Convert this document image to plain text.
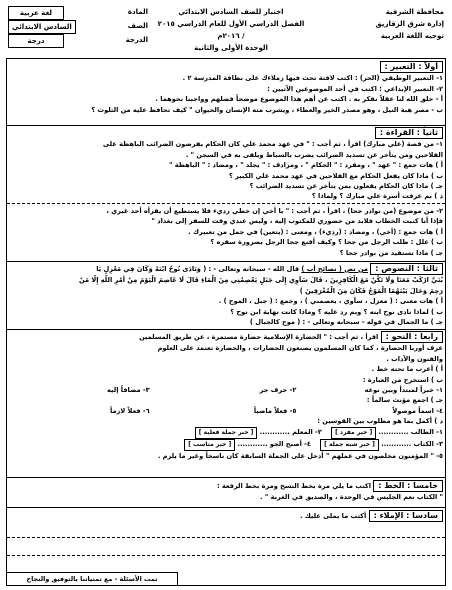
محافظة الشرقية
إدارة شرق الزقازيق
توجيه اللغة العربية
اختبار للصف السادس الابتدائي
الفصل الدراسي الأول للعام الدراسي ٢٠١٥ / ٢٠١٦م
الوحدة الأولى والثانية
المادة
لغة عربية
الصف
السادس الابتدائي
الدرجة
درجة
أولاً : التعبير :
١- التعبير الوظيفي (الحر) : اكتب لافتة تحث فيها زملاءك على نظافة المدرسة ٢ .
٢- التعبير الإبداعي : اكتب في أحد الموضوعين الآتيين :
أ - خلق الله لنا عقلاً نفكر به . اكتب عن أهم هذا الموضوع موضحاً فضلهم وواجبنا نحوهما .
ب - مصر هبة النيل ، وهو مصدر الخير والعطاء ، ويشرب منه الإنسان والحيوان " كيف تحافظ عليه من التلوث ؟
ثانياً : القراءة :
١- من قصة (علي مبارك) اقرأ ، ثم أجب : " في عهد محمد علي كان الحكام يفرضون الضرائب الباهظة على
الفلاحين ومن يتأخر عن تسديد الضرائب يضرب بالسياط ويلقى به في السجن " .
أ ) هات جمع : " عهد " ، ومفرد : " الحكام " ، ومرادف : " يجلد " ، ومضاد : " الباهظة "
ب ) ماذا كان يفعل الحكام مع الفلاحين في عهد محمد علي الكبير ؟
جـ ) ماذا كان الحكام يفعلون بمن يتأخر عن تسديد الضرائب ؟
د ) بم عرفت أسرة علي مبارك ؟ ولماذا ؟
٢- من موضوع (من نوادر جحا) ، اقرأ ، ثم أجب : " يا أخي إن خطي رديء فلا يستطيع أن يقرأه أحد غيري ،
فإذا أنا كتبت الخطاب فلابد من حضوري للمكتوب إليه ، وليس عندي وقت للسفر إلى بغداد "
أ ) هات جمع : (أخي) ، ومضاد : (رديء) ، ومعنى : (يتعين) في جمل من تعبيرك .
ب ) علل : طلب الرجل من جحا ؟ وكيف أقنع جحا الرجل بضرورة سفره ؟
جـ ) ماذا تستفيد من نوادر جحا ؟
ثالثاً : النصوص : من نص ( نصائح أب ) قال الله - سبحانه وتعالى - : ( وَنَادَى نُوحٌ ابْنَهُ وَكَانَ فِي مَعْزِلٍ يَا
بُنَيَّ ارْكَبْ مَعَنَا وَلَا تَكُنْ مَعَ الْكَافِرِينَ ، قَالَ سَآوِي إِلَى جَبَلٍ يَعْصِمُنِي مِنَ الْمَاءِ قَالَ لَا عَاصِمَ الْيَوْمَ مِنْ أَمْرِ اللَّهِ إِلَّا مَنْ
رَحِمَ وَحَالَ بَيْنَهُمَا الْمَوْجُ فَكَانَ مِنَ الْمُغْرَقِينَ )
أ ) هات معنى : ( معزل ، سآوي ، يعصمني ) ، وجمع : ( جبل ، الموج ) .
ب ) لماذا نادى نوح ابنه ؟ وبم رد عليه ؟ وماذا كانت نهاية ابن نوح ؟
جـ ) ما الجمال في قوله - سبحانه وتعالى - : ( موج كالجبال )
رابعاً : النحو : اقرأ ، ثم أجب : " الحضارة الإسلامية حضارة مستمرة ، عن طريق المسلمين
عرف أوربا الحضارة ، كما كان المسلمون يصنعون الحضارات ، والحضارة تعتمد على العلوم
والفنون والآداب .
أ ) أعرب ما تحته خط .
ب ) استخرج من العبارة :
١- خبراً لمبتدأ وبين نوعه
٢- حرف جر
٣- مضافاً إليه
جـ ) اجمع مؤنث سالماً :
٤- اسماً موصولاً
٥- فعلاً ماضياً
٦- فعلاً لازماً
د ) أكمل بما هو مطلوب بين القوسين :
١- الطالب ............ [ خبر مفرد ]    ٢- المعلم ............ [ خبر جملة فعلية ]
٣- الكتاب ............ [ خبر شبه جملة ]    ٤- أصبح الجو ............ [ خبر مناسب ]
٥- " المؤمنون مخلصون في عملهم " أدخل على الجملة السابقة كان ناسخاً وغير ما يلزم .
خامساً : الخط : اكتب ما يلي مرة بخط النسخ ومرة بخط الرقعة :
" الكتاب نعم الجليس في الوحدة ، والصديق في الغربة " .
سادساً : الإملاء : أكتب ما يملى عليك .
تمت الأسئلة - مع تمنياتنا بالتوفيق والنجاح
